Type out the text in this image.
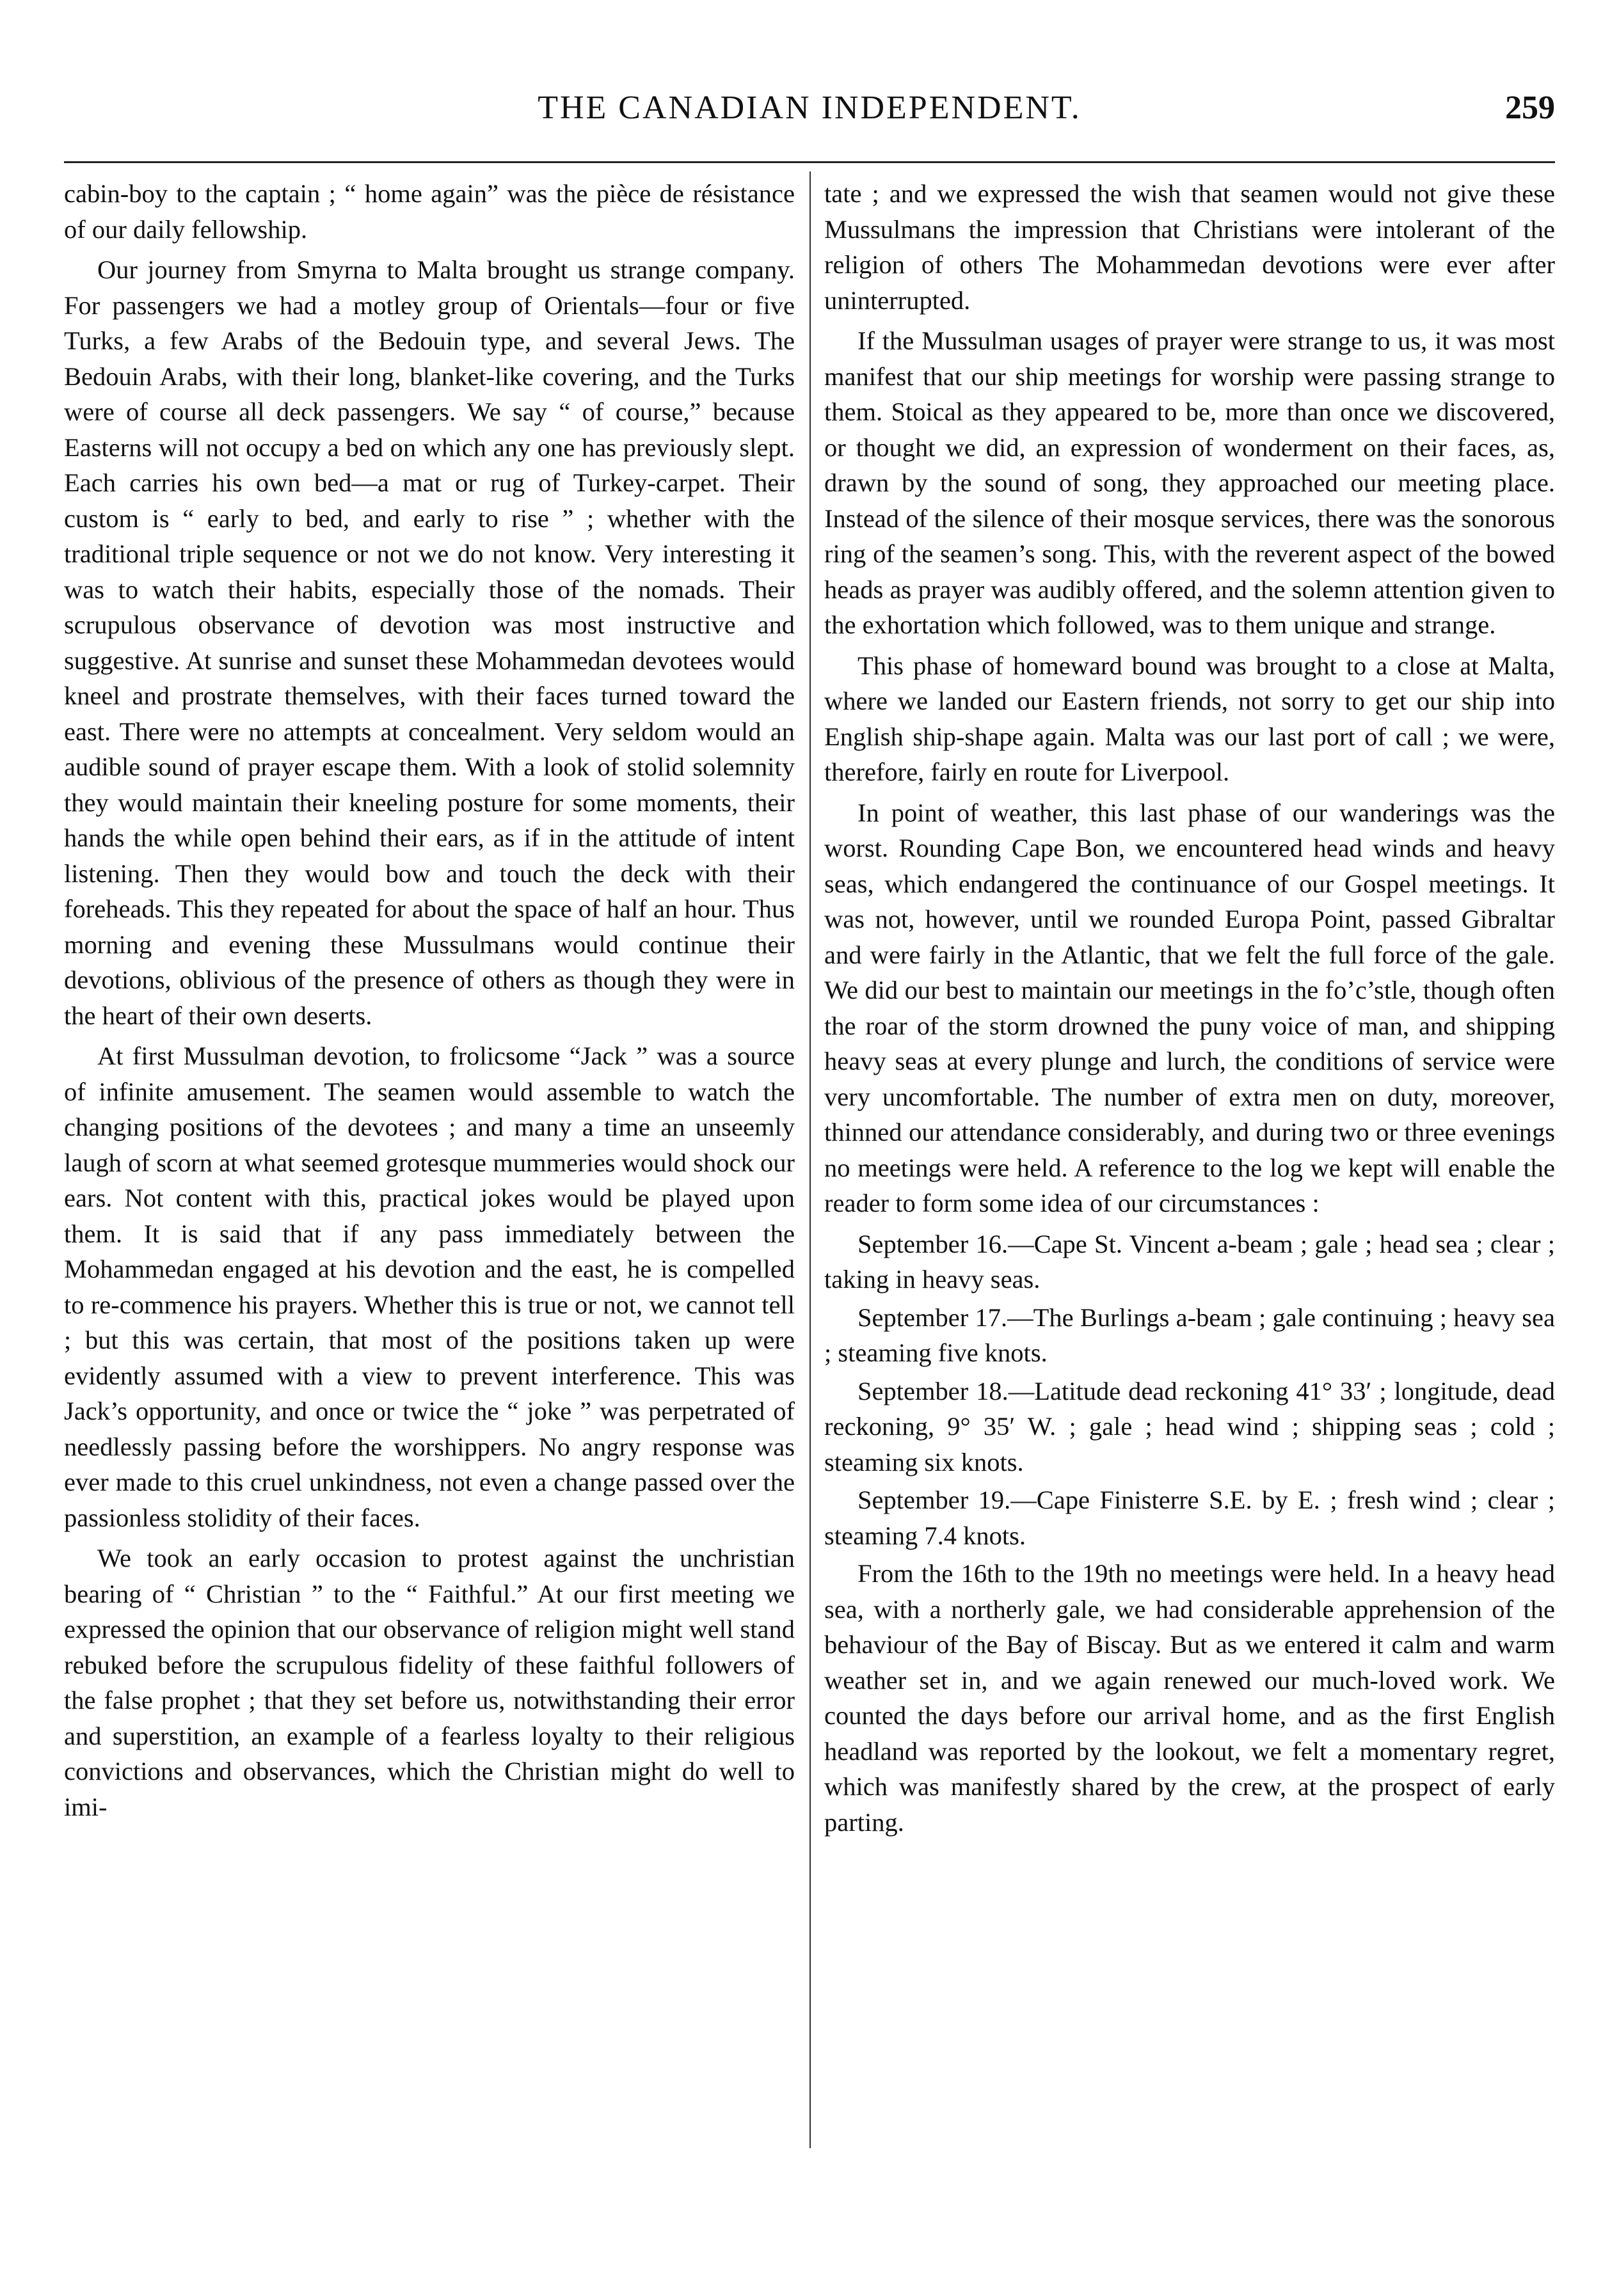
THE CANADIAN INDEPENDENT.	259

cabin-boy to the captain ; “ home again” was the pièce de résistance of our daily fellowship.

Our journey from Smyrna to Malta brought us strange company. For passengers we had a motley group of Orientals—four or five Turks, a few Arabs of the Bedouin type, and several Jews. The Bedouin Arabs, with their long, blanket-like covering, and the Turks were of course all deck passengers. We say “ of course,” because Easterns will not occupy a bed on which any one has previously slept. Each carries his own bed—a mat or rug of Turkey-carpet. Their custom is “ early to bed, and early to rise ” ; whether with the traditional triple sequence or not we do not know. Very interesting it was to watch their habits, especially those of the nomads. Their scrupulous observance of devotion was most instructive and suggestive. At sunrise and sunset these Mohammedan devotees would kneel and prostrate themselves, with their faces turned toward the east. There were no attempts at concealment. Very seldom would an audible sound of prayer escape them. With a look of stolid solemnity they would maintain their kneeling posture for some moments, their hands the while open behind their ears, as if in the attitude of intent listening. Then they would bow and touch the deck with their foreheads. This they repeated for about the space of half an hour. Thus morning and evening these Mussulmans would continue their devotions, oblivious of the presence of others as though they were in the heart of their own deserts.

At first Mussulman devotion, to frolicsome “Jack ” was a source of infinite amusement. The seamen would assemble to watch the changing positions of the devotees ; and many a time an unseemly laugh of scorn at what seemed grotesque mummeries would shock our ears. Not content with this, practical jokes would be played upon them. It is said that if any pass immediately between the Mohammedan engaged at his devotion and the east, he is compelled to re-commence his prayers. Whether this is true or not, we cannot tell ; but this was certain, that most of the positions taken up were evidently assumed with a view to prevent interference. This was Jack’s opportunity, and once or twice the “ joke ” was perpetrated of needlessly passing before the worshippers. No angry response was ever made to this cruel unkindness, not even a change passed over the passionless stolidity of their faces.

We took an early occasion to protest against the unchristian bearing of “ Christian ” to the “ Faithful.” At our first meeting we expressed the opinion that our observance of religion might well stand rebuked before the scrupulous fidelity of these faithful followers of the false prophet ; that they set before us, notwithstanding their error and superstition, an example of a fearless loyalty to their religious convictions and observances, which the Christian might do well to imi-

tate ; and we expressed the wish that seamen would not give these Mussulmans the impression that Christians were intolerant of the religion of others The Mohammedan devotions were ever after uninterrupted.

If the Mussulman usages of prayer were strange to us, it was most manifest that our ship meetings for worship were passing strange to them. Stoical as they appeared to be, more than once we discovered, or thought we did, an expression of wonderment on their faces, as, drawn by the sound of song, they approached our meeting place. Instead of the silence of their mosque services, there was the sonorous ring of the seamen’s song. This, with the reverent aspect of the bowed heads as prayer was audibly offered, and the solemn attention given to the exhortation which followed, was to them unique and strange.

This phase of homeward bound was brought to a close at Malta, where we landed our Eastern friends, not sorry to get our ship into English ship-shape again. Malta was our last port of call ; we were, therefore, fairly en route for Liverpool.

In point of weather, this last phase of our wanderings was the worst. Rounding Cape Bon, we encountered head winds and heavy seas, which endangered the continuance of our Gospel meetings. It was not, however, until we rounded Europa Point, passed Gibraltar and were fairly in the Atlantic, that we felt the full force of the gale. We did our best to maintain our meetings in the fo’c’stle, though often the roar of the storm drowned the puny voice of man, and shipping heavy seas at every plunge and lurch, the conditions of service were very uncomfortable. The number of extra men on duty, moreover, thinned our attendance considerably, and during two or three evenings no meetings were held. A reference to the log we kept will enable the reader to form some idea of our circumstances :

September 16.—Cape St. Vincent a-beam ; gale ; head sea ; clear ; taking in heavy seas.

September 17.—The Burlings a-beam ; gale continuing ; heavy sea ; steaming five knots.

September 18.—Latitude dead reckoning 41° 33′ ; longitude, dead reckoning, 9° 35′ W. ; gale ; head wind ; shipping seas ; cold ; steaming six knots.

September 19.—Cape Finisterre S.E. by E. ; fresh wind ; clear ; steaming 7.4 knots.

From the 16th to the 19th no meetings were held. In a heavy head sea, with a northerly gale, we had considerable apprehension of the behaviour of the Bay of Biscay. But as we entered it calm and warm weather set in, and we again renewed our much-loved work. We counted the days before our arrival home, and as the first English headland was reported by the lookout, we felt a momentary regret, which was manifestly shared by the crew, at the prospect of early parting.
